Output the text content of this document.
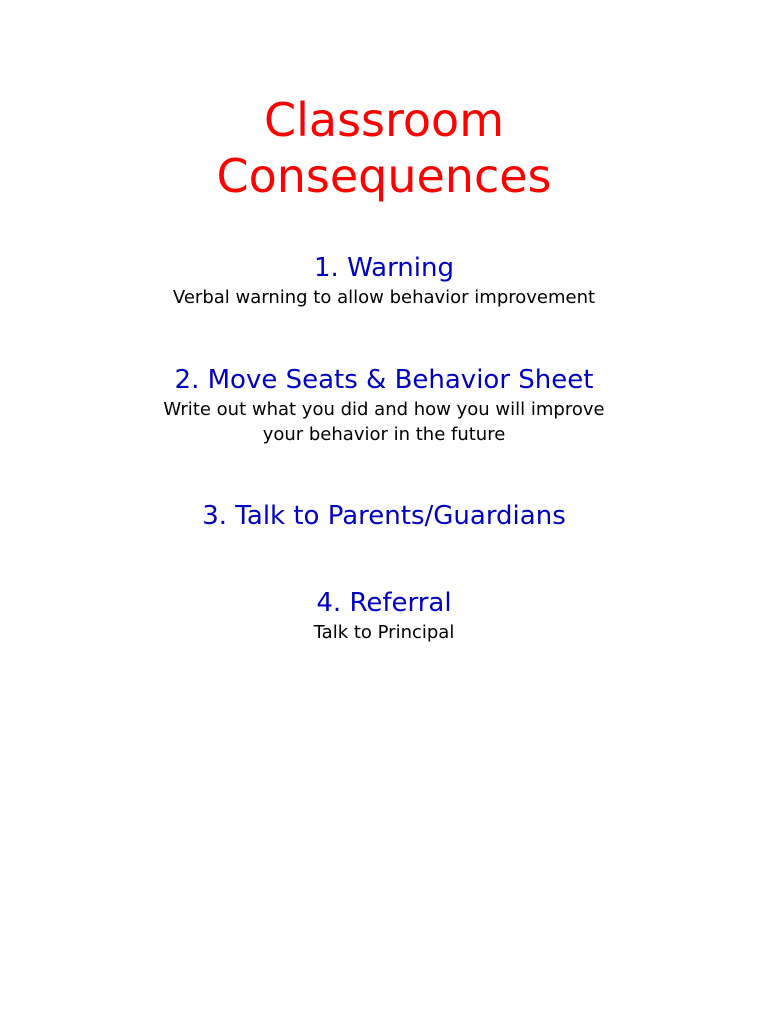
Classroom
Consequences
1. Warning

Verbal warning to allow behavior improvement

2. Move Seats & Behavior Sheet

Write out what you did and how you will improve

your behavior in the future

3. Talk to Parents/Guardians
4. Referral

Talk to Principal
